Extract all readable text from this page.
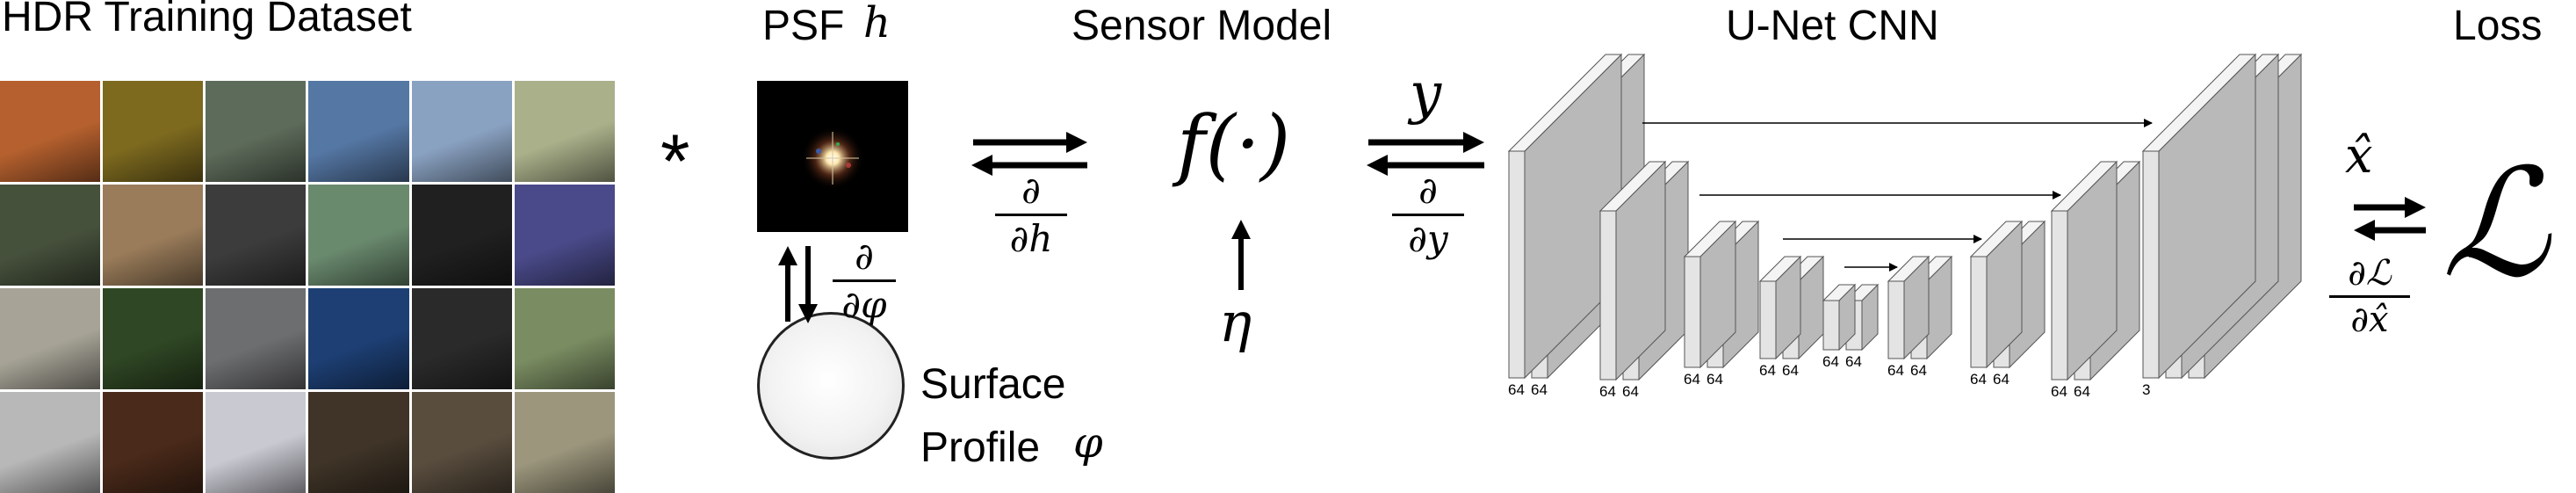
HDR Training Dataset	PSF h	Sensor Model	U-Net CNN	Loss
*
Surface
Profile φ
∂
∂φ
∂
∂h
∂
∂y
∂ℒ
∂x̂
f(·)
η
y
x̂ ℒ
64 64	64 64
64 64
64 64
64 64
64 64
64 64
64 64	3
